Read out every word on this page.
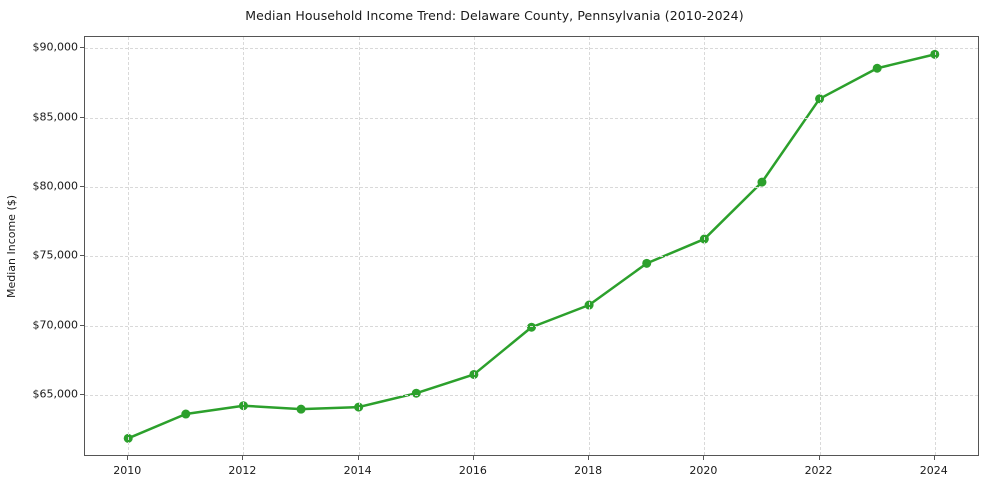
Median Household Income Trend: Delaware County, Pennsylvania (2010-2024)
Median Income ($)
$65,000
$70,000
$75,000
$80,000
$85,000
$90,000
2010	2012	2014	2016	2018	2020	2022	2024
